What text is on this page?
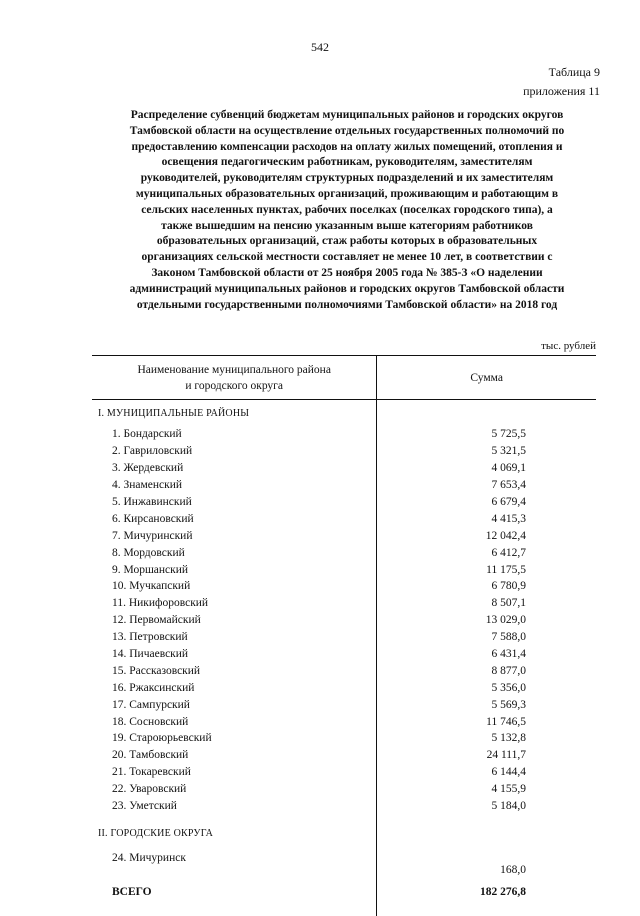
542
Таблица 9
приложения 11
Распределение субвенций бюджетам муниципальных районов и городских округов
Тамбовской области на осуществление отдельных государственных полномочий по
предоставлению компенсации расходов на оплату жилых помещений, отопления и
освещения педагогическим работникам, руководителям, заместителям
руководителей, руководителям структурных подразделений и их заместителям
муниципальных образовательных организаций, проживающим и работающим в
сельских населенных пунктах, рабочих поселках (поселках городского типа), а
также вышедшим на пенсию указанным выше категориям работников
образовательных организаций, стаж работы которых в образовательных
организациях сельской местности составляет не менее 10 лет, в соответствии с
Законом Тамбовской области от 25 ноября 2005 года № 385-З «О наделении
администраций муниципальных районов и городских округов Тамбовской области
отдельными государственными полномочиями Тамбовской области» на 2018 год
тыс. рублей
Наименование муниципального района
и городского округа	Сумма
I. МУНИЦИПАЛЬНЫЕ РАЙОНЫ	
1. Бондарский	5 725,5
2. Гавриловский	5 321,5
3. Жердевский	4 069,1
4. Знаменский	7 653,4
5. Инжавинский	6 679,4
6. Кирсановский	4 415,3
7. Мичуринский	12 042,4
8. Мордовский	6 412,7
9. Моршанский	11 175,5
10. Мучкапский	6 780,9
11. Никифоровский	8 507,1
12. Первомайский	13 029,0
13. Петровский	7 588,0
14. Пичаевский	6 431,4
15. Рассказовский	8 877,0
16. Ржаксинский	5 356,0
17. Сампурский	5 569,3
18. Сосновский	11 746,5
19. Староюрьевский	5 132,8
20. Тамбовский	24 111,7
21. Токаревский	6 144,4
22. Уваровский	4 155,9
23. Уметский	5 184,0

II. ГОРОДСКИЕ ОКРУГА	
24. Мичуринск	168,0
ВСЕГО	182 276,8
